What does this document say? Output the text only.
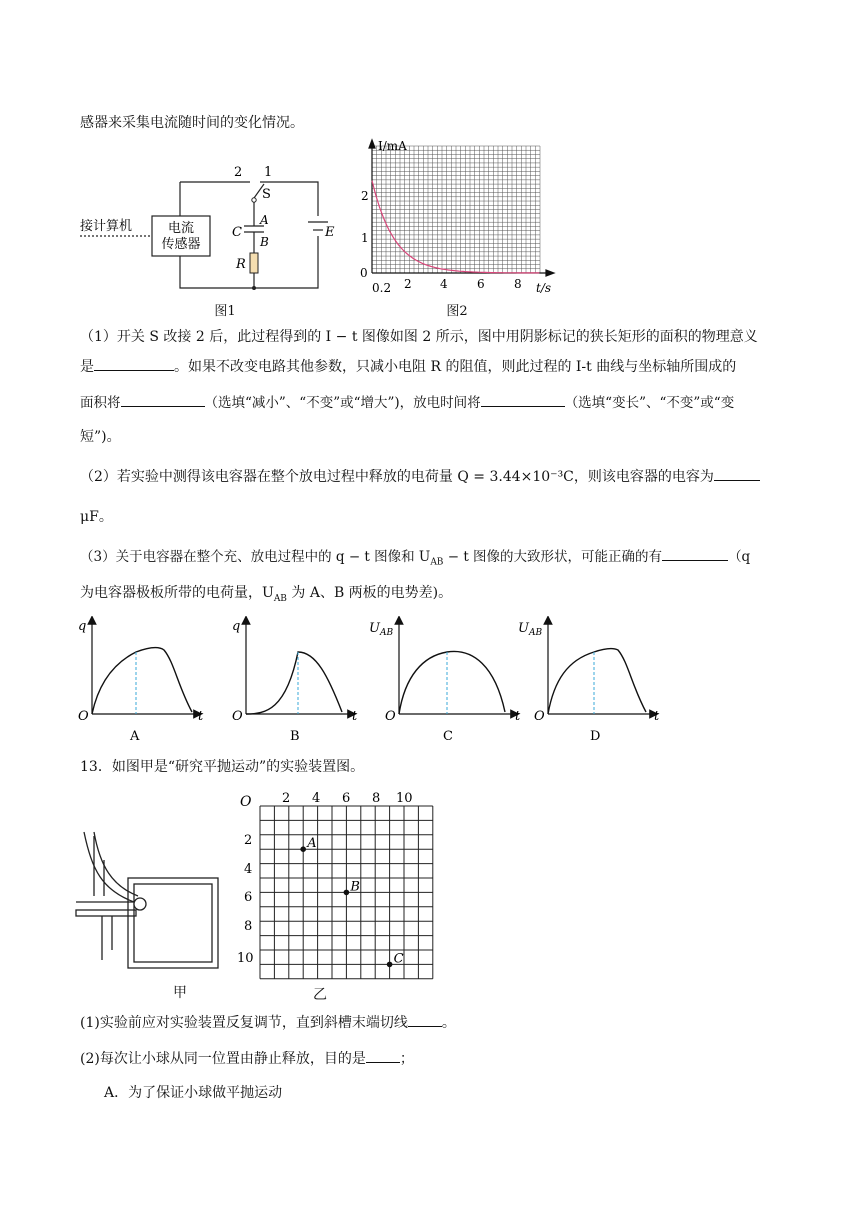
感器来采集电流随时间的变化情况。

接计算机	电流
传感器
2 1
S
C
A
B
R
E
图1
I/mA
t/s
0
1
2
0.2 2 4 6 8
图2

（1）开关 S 改接 2 后，此过程得到的 I − t 图像如图 2 所示，图中用阴影标记的狭长矩形的面积的物理意义

是	。如果不改变电路其他参数，只减小电阻 R 的阻值，则此过程的 I-t 曲线与坐标轴所围成的

面积将	（选填“减小”、“不变”或“增大”)，放电时间将	（选填“变长”、“不变”或“变

短”)。

（2）若实验中测得该电容器在整个放电过程中释放的电荷量 Q = 3.44×10⁻³C，则该电容器的电容为

μF。

（3）关于电容器在整个充、放电过程中的 q − t 图像和 $U_{AB} - t$ 图像的大致形状，可能正确的有	（q

为电容器极板所带的电荷量，$U_{AB}$ 为 A、B 两板的电势差)。

q
O	t
A
q
O	t
B
$U_{AB}$
O	t
C
$U_{AB}$
O	t
D

13．如图甲是“研究平抛运动”的实验装置图。

甲
A
B
C
O 2 4 6 8 10
2
4
6
8
10
乙

(1)实验前应对实验装置反复调节，直到斜槽末端切线 。

(2)每次让小球从同一位置由静止释放，目的是 ；

A．为了保证小球做平抛运动
